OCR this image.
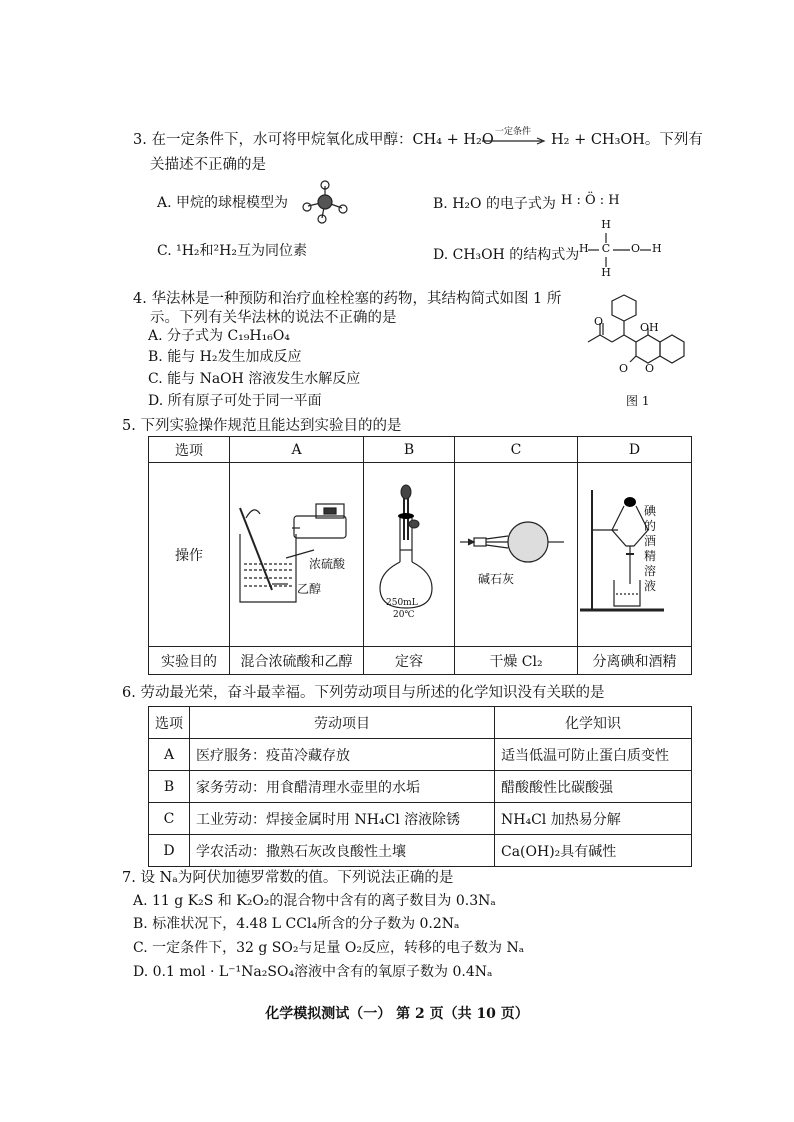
3. 在一定条件下，水可将甲烷氧化成甲醇：CH₄ + H₂O 一定条件 → H₂ + CH₃OH。下列有
关描述不正确的是
A. 甲烷的球棍模型为	B. H₂O 的电子式为 H : Ö : H
C. ¹H₂和²H₂互为同位素	D. CH₃OH 的结构式为
H
H C O H
H
4. 华法林是一种预防和治疗血栓栓塞的药物，其结构简式如图 1 所
示。下列有关华法林的说法不正确的是
A. 分子式为 C₁₉H₁₆O₄
B. 能与 H₂发生加成反应
C. 能与 NaOH 溶液发生水解反应
D. 所有原子可处于同一平面
O	OH
O O
图 1
5. 下列实验操作规范且能达到实验目的的是
选项	A	B	C	D
操作				
实验目的	混合浓硫酸和乙醇	定容	干燥 Cl₂	分离碘和酒精
浓硫酸
乙醇
250mL
20℃
碱石灰
碘
的
酒
精
溶
液
6. 劳动最光荣，奋斗最幸福。下列劳动项目与所述的化学知识没有关联的是
选项	劳动项目	化学知识
A	医疗服务：疫苗冷藏存放	适当低温可防止蛋白质变性
B	家务劳动：用食醋清理水壶里的水垢	醋酸酸性比碳酸强
C	工业劳动：焊接金属时用 NH₄Cl 溶液除锈	NH₄Cl 加热易分解
D	学农活动：撒熟石灰改良酸性土壤	Ca(OH)₂具有碱性
7. 设 Nₐ为阿伏加德罗常数的值。下列说法正确的是
A. 11 g K₂S 和 K₂O₂的混合物中含有的离子数目为 0.3Nₐ
B. 标准状况下，4.48 L CCl₄所含的分子数为 0.2Nₐ
C. 一定条件下，32 g SO₂与足量 O₂反应，转移的电子数为 Nₐ
D. 0.1 mol · L⁻¹Na₂SO₄溶液中含有的氧原子数为 0.4Nₐ
化学模拟测试（一） 第 2 页（共 10 页）
